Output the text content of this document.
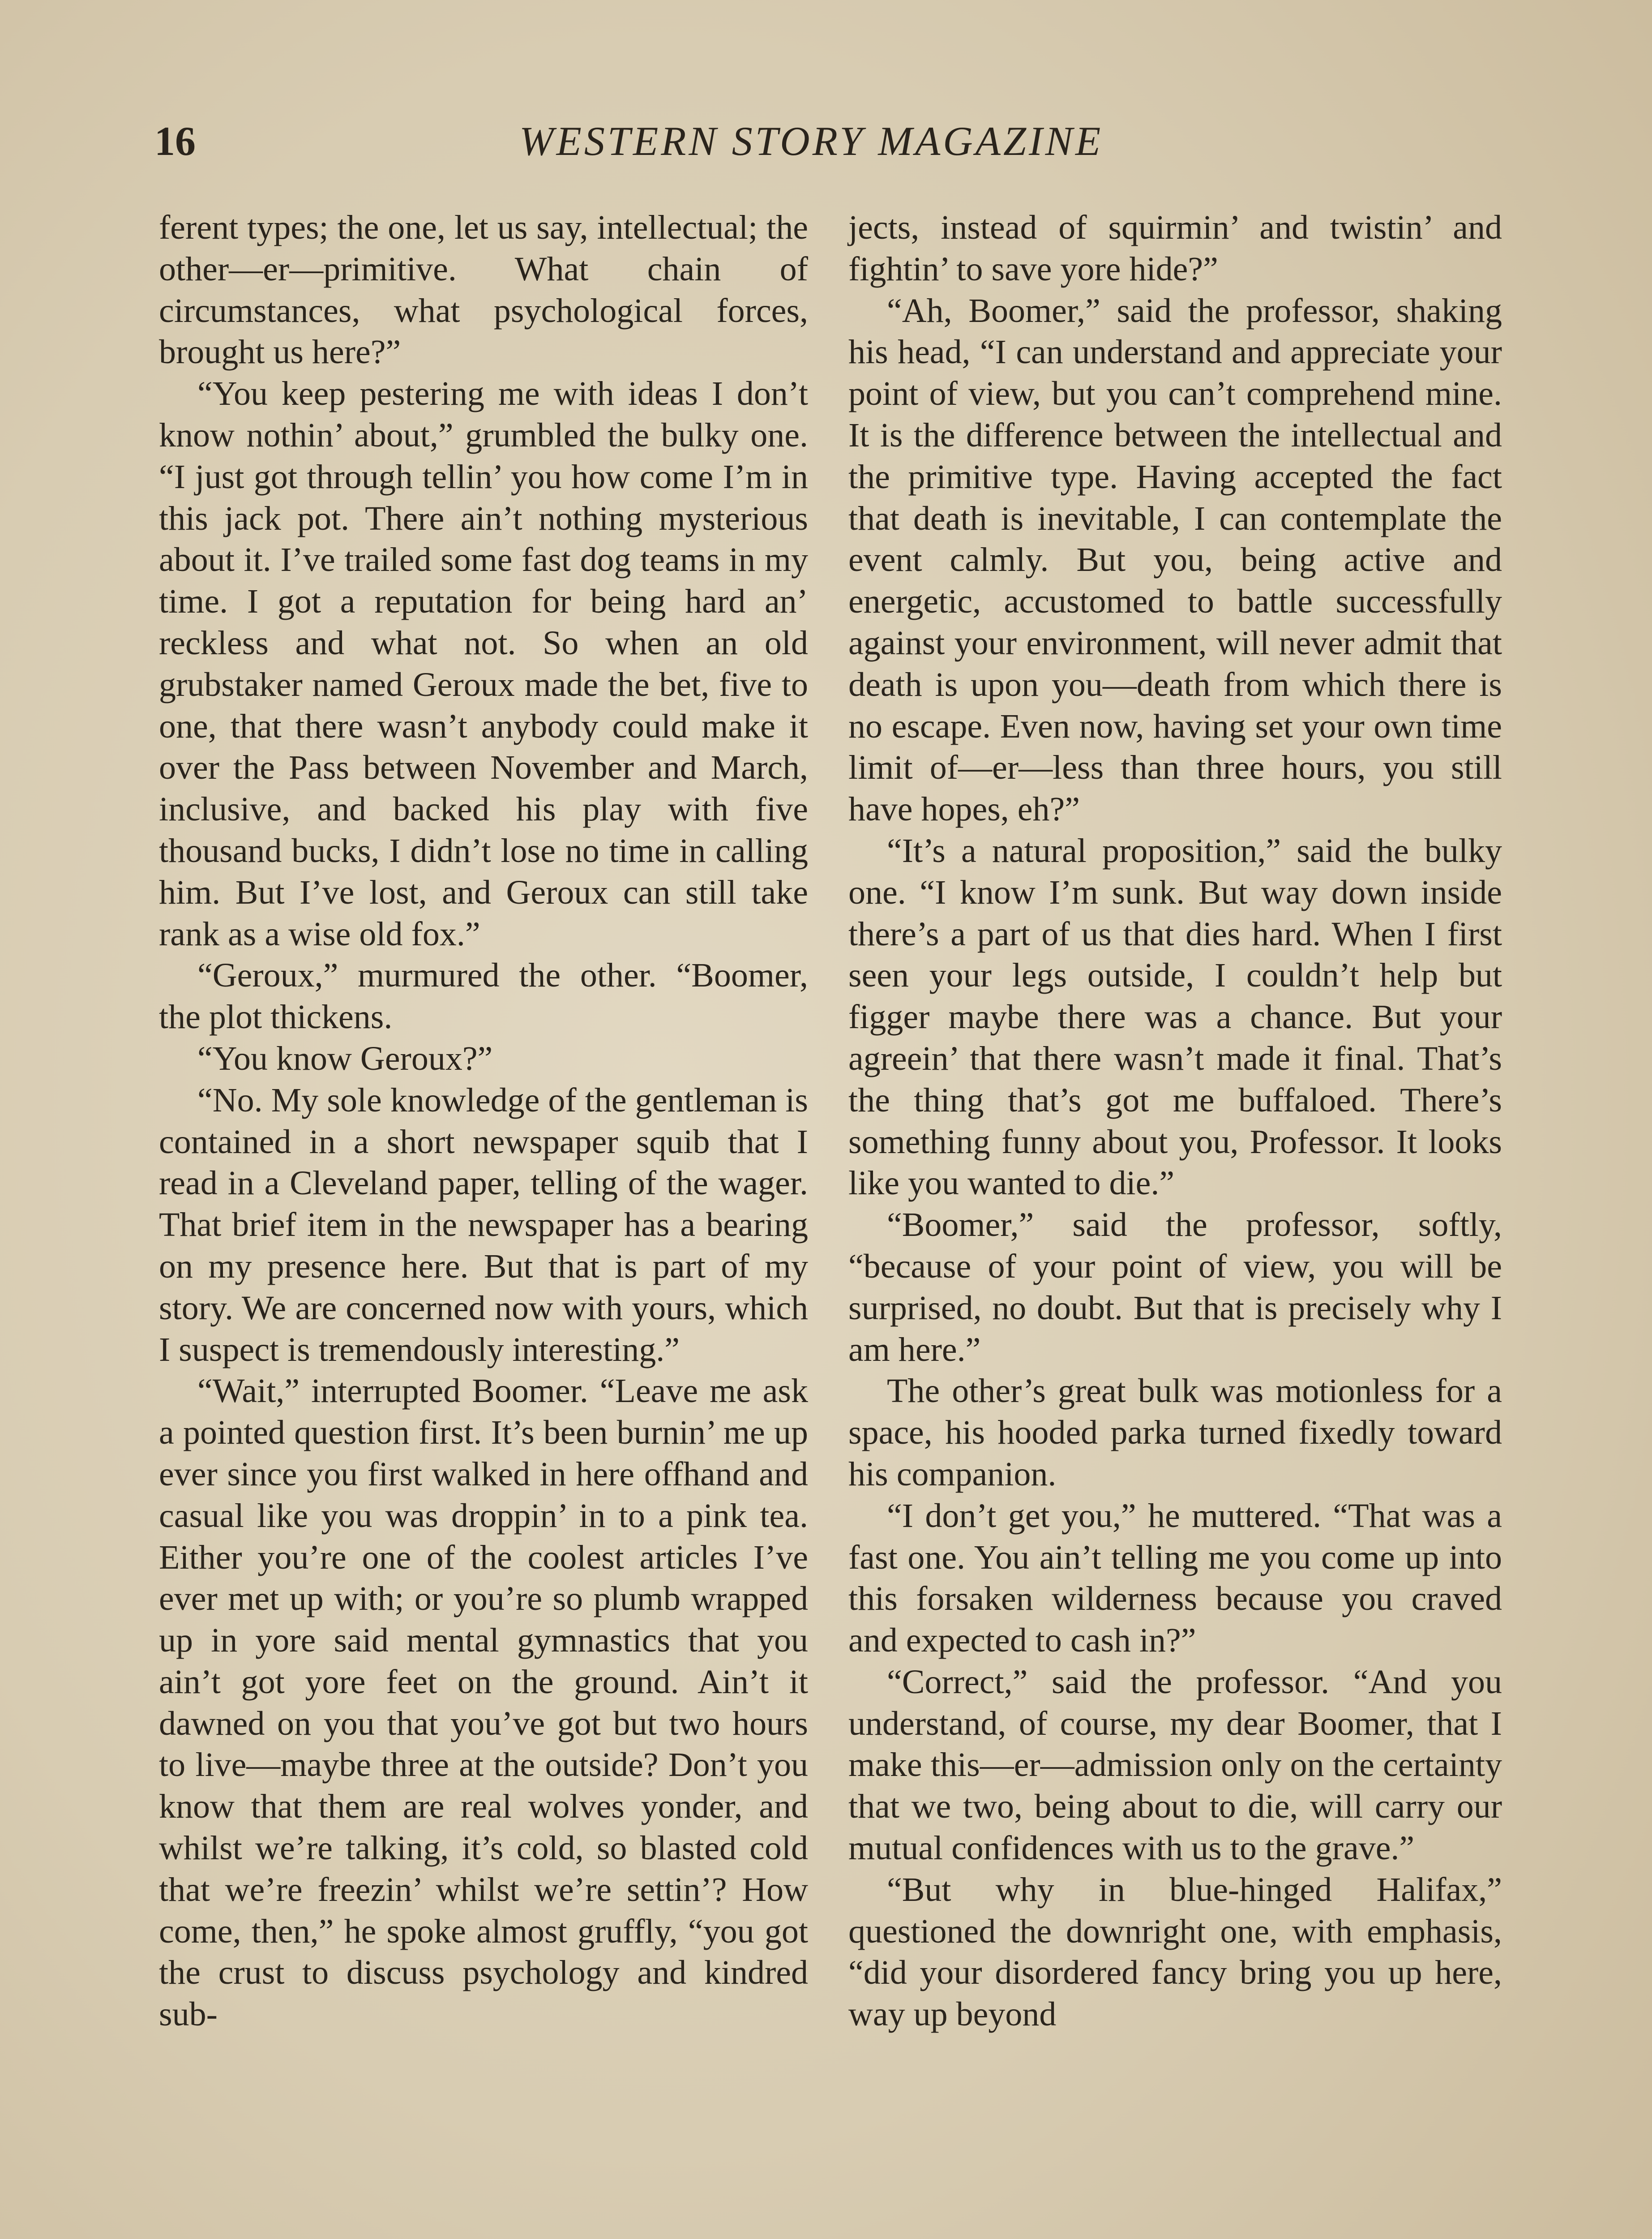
16	WESTERN STORY MAGAZINE

ferent types; the one, let us say, intellectual; the other—er—primitive. What chain of circumstances, what psychological forces, brought us here?”

“You keep pestering me with ideas I don’t know nothin’ about,” grumbled the bulky one. “I just got through tellin’ you how come I’m in this jack pot. There ain’t nothing mysterious about it. I’ve trailed some fast dog teams in my time. I got a reputation for being hard an’ reckless and what not. So when an old grubstaker named Geroux made the bet, five to one, that there wasn’t anybody could make it over the Pass between November and March, inclusive, and backed his play with five thousand bucks, I didn’t lose no time in calling him. But I’ve lost, and Geroux can still take rank as a wise old fox.”

“Geroux,” murmured the other. “Boomer, the plot thickens.

“You know Geroux?”

“No. My sole knowledge of the gentleman is contained in a short newspaper squib that I read in a Cleveland paper, telling of the wager. That brief item in the newspaper has a bearing on my presence here. But that is part of my story. We are concerned now with yours, which I suspect is tremendously interesting.”

“Wait,” interrupted Boomer. “Leave me ask a pointed question first. It’s been burnin’ me up ever since you first walked in here offhand and casual like you was droppin’ in to a pink tea. Either you’re one of the coolest articles I’ve ever met up with; or you’re so plumb wrapped up in yore said mental gymnastics that you ain’t got yore feet on the ground. Ain’t it dawned on you that you’ve got but two hours to live—maybe three at the outside? Don’t you know that them are real wolves yonder, and whilst we’re talking, it’s cold, so blasted cold that we’re freezin’ whilst we’re settin’? How come, then,” he spoke almost gruffly, “you got the crust to discuss psychology and kindred sub-

jects, instead of squirmin’ and twistin’ and fightin’ to save yore hide?”

“Ah, Boomer,” said the professor, shaking his head, “I can understand and appreciate your point of view, but you can’t comprehend mine. It is the difference between the intellectual and the primitive type. Having accepted the fact that death is inevitable, I can contemplate the event calmly. But you, being active and energetic, accustomed to battle successfully against your environment, will never admit that death is upon you—death from which there is no escape. Even now, having set your own time limit of—er—less than three hours, you still have hopes, eh?”

“It’s a natural proposition,” said the bulky one. “I know I’m sunk. But way down inside there’s a part of us that dies hard. When I first seen your legs outside, I couldn’t help but figger maybe there was a chance. But your agreein’ that there wasn’t made it final. That’s the thing that’s got me buffaloed. There’s something funny about you, Professor. It looks like you wanted to die.”

“Boomer,” said the professor, softly, “because of your point of view, you will be surprised, no doubt. But that is precisely why I am here.”

The other’s great bulk was motionless for a space, his hooded parka turned fixedly toward his companion.

“I don’t get you,” he muttered. “That was a fast one. You ain’t telling me you come up into this forsaken wilderness because you craved and expected to cash in?”

“Correct,” said the professor. “And you understand, of course, my dear Boomer, that I make this—er—admission only on the certainty that we two, being about to die, will carry our mutual confidences with us to the grave.”

“But why in blue-hinged Halifax,” questioned the downright one, with emphasis, “did your disordered fancy bring you up here, way up beyond
